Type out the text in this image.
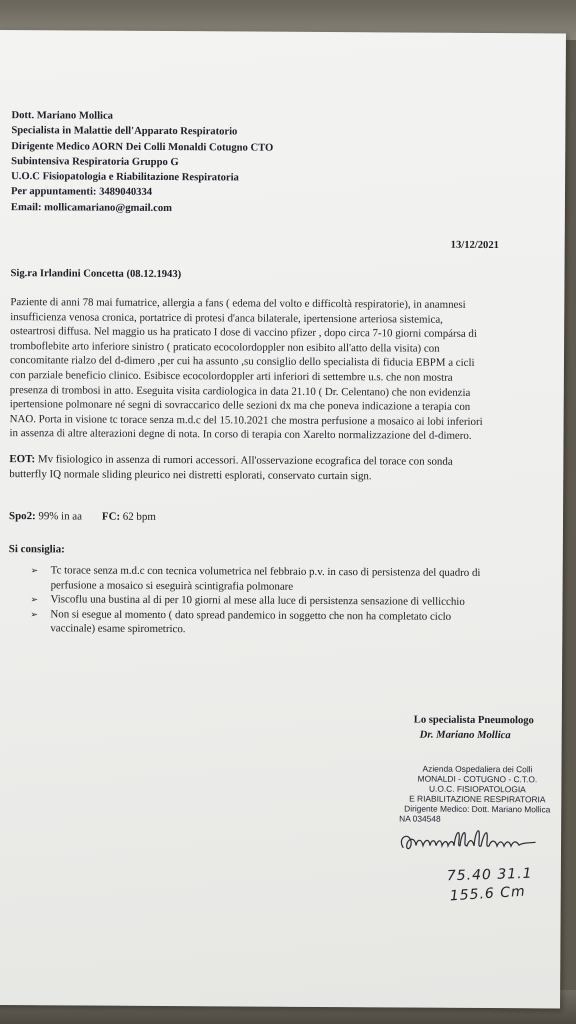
Dott. Mariano Mollica
Specialista in Malattie dell'Apparato Respiratorio
Dirigente Medico AORN Dei Colli Monaldi Cotugno CTO
Subintensiva Respiratoria Gruppo G
U.O.C Fisiopatologia e Riabilitazione Respiratoria
Per appuntamenti: 3489040334
Email: mollicamariano@gmail.com
13/12/2021
Sig.ra Irlandini Concetta (08.12.1943)
Paziente di anni 78 mai fumatrice, allergia a fans ( edema del volto e difficoltà respiratorie), in anamnesi
insufficienza venosa cronica, portatrice di protesi d'anca bilaterale, ipertensione arteriosa sistemica,
osteartrosi diffusa. Nel maggio us ha praticato I dose di vaccino pfizer , dopo circa 7-10 giorni compársa di
tromboflebite arto inferiore sinistro ( praticato ecocolordoppler non esibito all'atto della visita) con
concomitante rialzo del d-dimero ,per cui ha assunto ,su consiglio dello specialista di fiducia EBPM a cicli
con parziale beneficio clinico. Esibisce ecocolordoppler arti inferiori di settembre u.s. che non mostra
presenza di trombosi in atto. Eseguita visita cardiologica in data 21.10 ( Dr. Celentano) che non evidenzia
ipertensione polmonare né segni di sovraccarico delle sezioni dx ma che poneva indicazione a terapia con
NAO. Porta in visione tc torace senza m.d.c del 15.10.2021 che mostra perfusione a mosaico ai lobi inferiori
in assenza di altre alterazioni degne di nota. In corso di terapia con Xarelto normalizzazione del d-dimero.
EOT: Mv fisiologico in assenza di rumori accessori. All'osservazione ecografica del torace con sonda
butterfly IQ normale sliding pleurico nei distretti esplorati, conservato curtain sign.
Spo2: 99% in aa FC: 62 bpm
Si consiglia:
➢ Tc torace senza m.d.c con tecnica volumetrica nel febbraio p.v. in caso di persistenza del quadro di
perfusione a mosaico si eseguirà scintigrafia polmonare
➢ Viscoflu una bustina al di per 10 giorni al mese alla luce di persistenza sensazione di vellicchio
➢ Non si esegue al momento ( dato spread pandemico in soggetto che non ha completato ciclo
vaccinale) esame spirometrico.
Lo specialista Pneumologo
Dr. Mariano Mollica
Azienda Ospedaliera dei Colli
MONALDI - COTUGNO - C.T.O.
U.O.C. FISIOPATOLOGIA
E RIABILITAZIONE RESPIRATORIA
Dirigente Medico: Dott. Mariano Mollica
NA 034548
75.40 31.1
155.6 Cm
